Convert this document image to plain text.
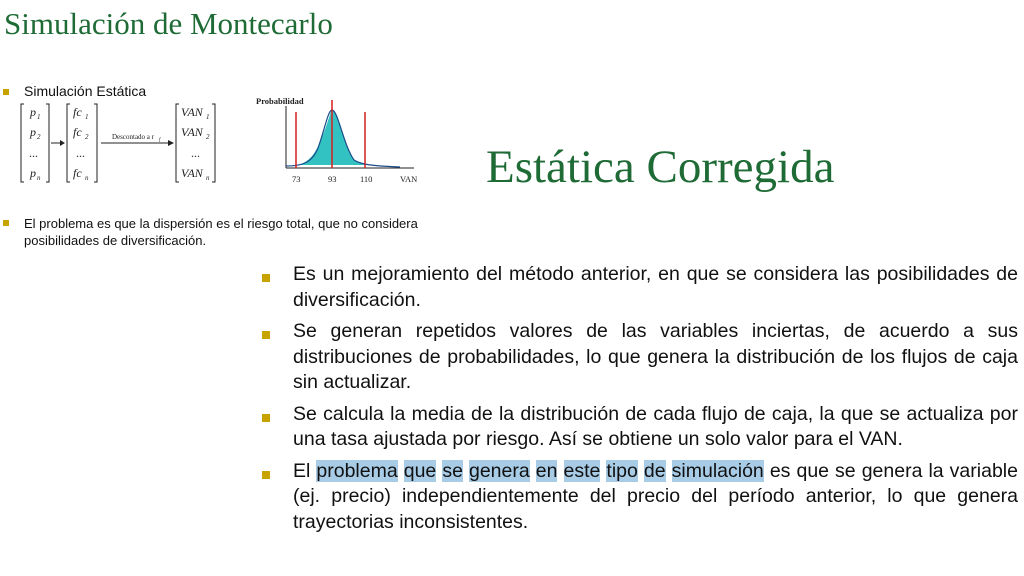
Simulación de Montecarlo
Simulación Estática
El problema es que la dispersión es el riesgo total, que no considera
posibilidades de diversificación.
p 1
p 2
...
p n
fc 1
fc 2
...
fc n
VAN 1
VAN 2
...
VAN n
Descontado a r f
Probabilidad
73	93	110	VAN Estática Corregida
Es un mejoramiento del método anterior, en que se considera las posibilidades de diversificación.
Se generan repetidos valores de las variables inciertas, de acuerdo a sus distribuciones de probabilidades, lo que genera la distribución de los flujos de caja sin actualizar.
Se calcula la media de la distribución de cada flujo de caja, la que se actualiza por una tasa ajustada por riesgo. Así se obtiene un solo valor para el VAN.
El problema que se genera en este tipo de simulación es que se genera la variable (ej. precio) independientemente del precio del período anterior, lo que genera trayectorias inconsistentes.
